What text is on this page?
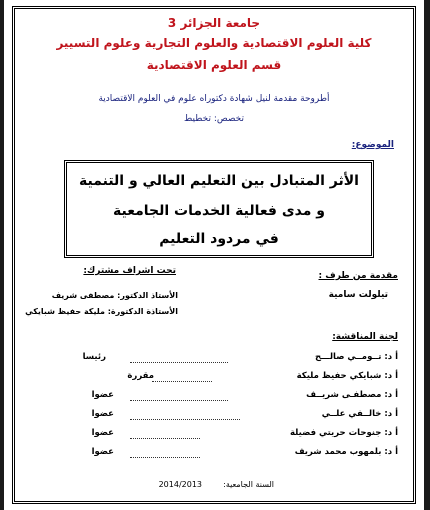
جامعة الجزائر 3
كلية العلوم الاقتصادية والعلوم التجارية وعلوم التسيير
قسم العلوم الاقتصادية
أطروحة مقدمة لنيل شهادة دكتوراه علوم في العلوم الاقتصادية
تخصص: تخطيط
الموضوع:
الأثر المتبادل بين التعليم العالي و التنمية
و مدى فعالية الخدمات الجامعية
في مردود التعليم
مقدمة من طرف :
تيلولت سامية
تحت اشراف مشترك:
الأستاذ الدكتور: مصطفى شريف
الأستاذة الدكتورة: مليكة حفيظ شبايكي
لجنة المناقشة:
أ د: تــومــي صالـــح
رئيسا
أ د: شبايكي حفيظ مليكة
مقررة
أ د: مصطفـى شريــف
عضوا
أ د: خالــفي علــي
عضوا
أ د: جنوحات حريتي فضيلة
عضوا
أ د: بلمهوب محمد شريف
عضوا
السنة الجامعية:
2014/2013
